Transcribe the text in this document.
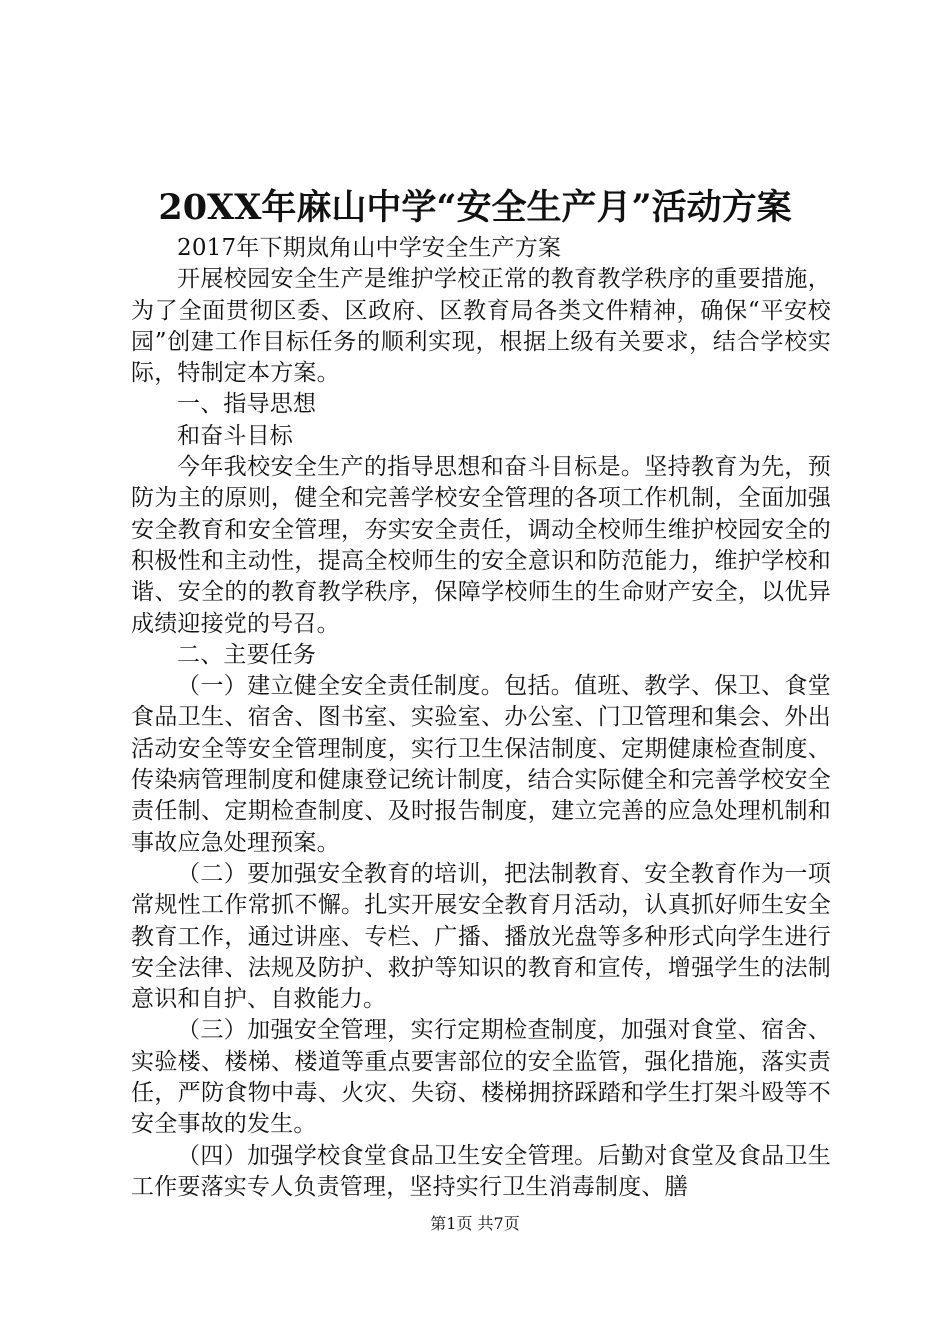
20XX年麻山中学“安全生产月”活动方案

2017年下期岚角山中学安全生产方案

开展校园安全生产是维护学校正常的教育教学秩序的重要措施，为了全面贯彻区委、区政府、区教育局各类文件精神，确保“平安校园”创建工作目标任务的顺利实现，根据上级有关要求，结合学校实际，特制定本方案。

一、指导思想

和奋斗目标

今年我校安全生产的指导思想和奋斗目标是。坚持教育为先，预防为主的原则，健全和完善学校安全管理的各项工作机制，全面加强安全教育和安全管理，夯实安全责任，调动全校师生维护校园安全的积极性和主动性，提高全校师生的安全意识和防范能力，维护学校和谐、安全的的教育教学秩序，保障学校师生的生命财产安全，以优异成绩迎接党的号召。

二、主要任务

（一）建立健全安全责任制度。包括。值班、教学、保卫、食堂食品卫生、宿舍、图书室、实验室、办公室、门卫管理和集会、外出活动安全等安全管理制度，实行卫生保洁制度、定期健康检查制度、传染病管理制度和健康登记统计制度，结合实际健全和完善学校安全责任制、定期检查制度、及时报告制度，建立完善的应急处理机制和事故应急处理预案。

（二）要加强安全教育的培训，把法制教育、安全教育作为一项常规性工作常抓不懈。扎实开展安全教育月活动，认真抓好师生安全教育工作，通过讲座、专栏、广播、播放光盘等多种形式向学生进行安全法律、法规及防护、救护等知识的教育和宣传，增强学生的法制意识和自护、自救能力。

（三）加强安全管理，实行定期检查制度，加强对食堂、宿舍、实验楼、楼梯、楼道等重点要害部位的安全监管，强化措施，落实责任，严防食物中毒、火灾、失窃、楼梯拥挤踩踏和学生打架斗殴等不安全事故的发生。

（四）加强学校食堂食品卫生安全管理。后勤对食堂及食品卫生工作要落实专人负责管理，坚持实行卫生消毒制度、膳

第1页 共7页
